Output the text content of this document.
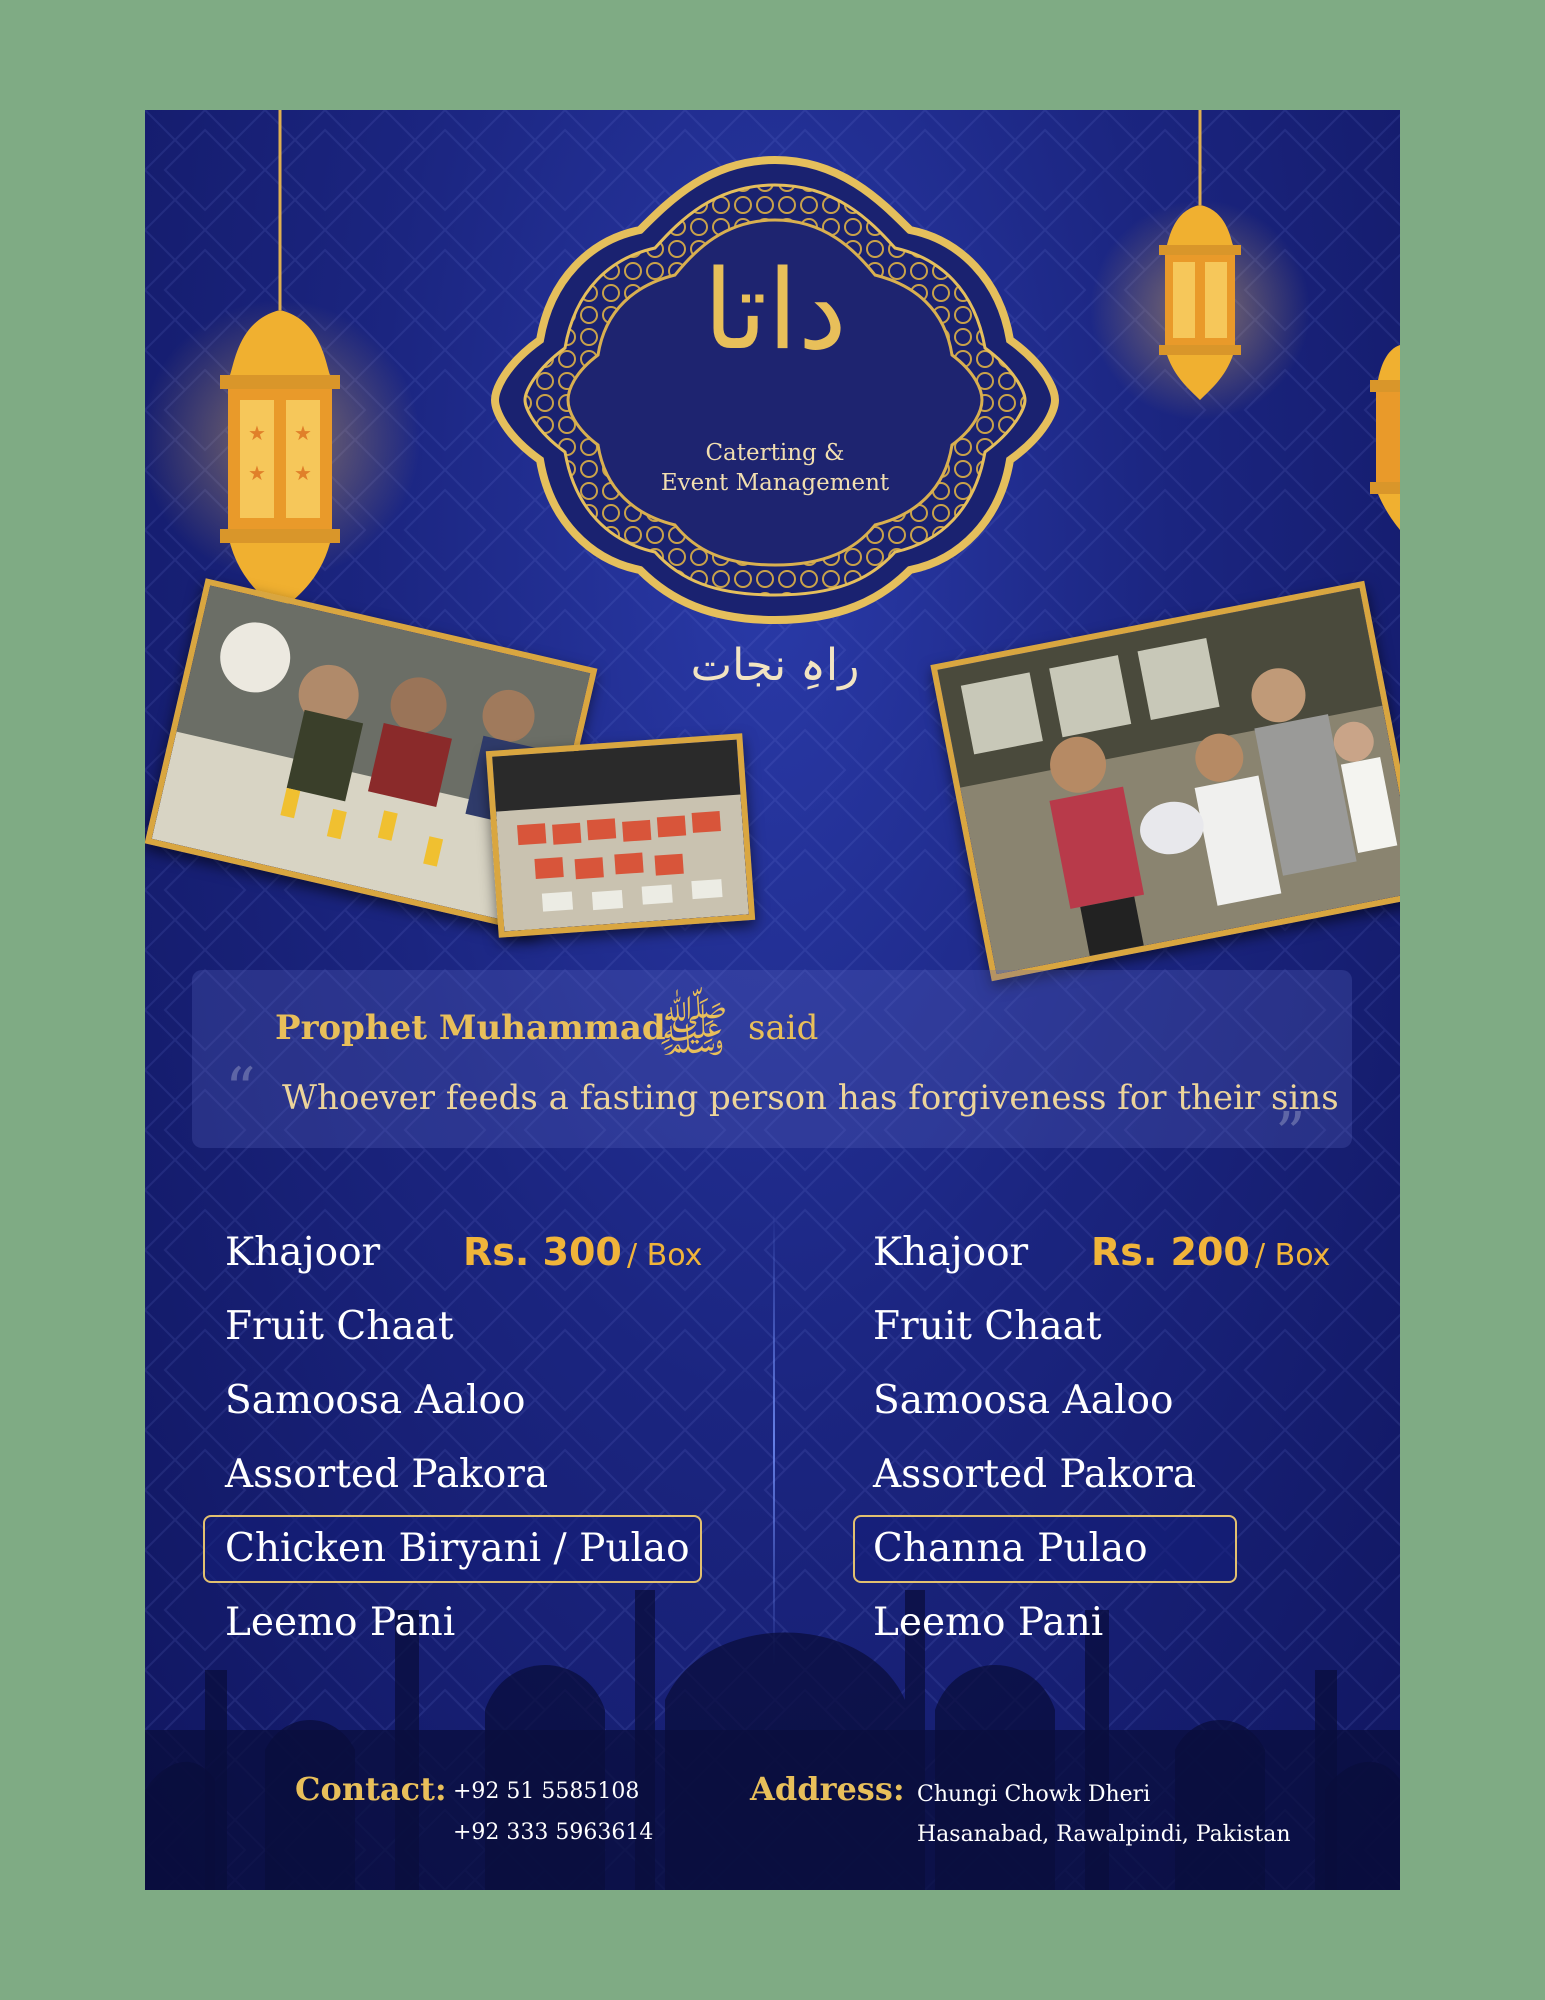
★
★
★
★
داتا
Caterting &
Event Management
راہِ نجات
Prophet Muhammad
ﷺ said
“ Whoever feeds a fasting person has forgiveness for their sins
”
Khajoor Rs. 300 / Box
Fruit Chaat
Samoosa Aaloo
Assorted Pakora
Chicken Biryani / Pulao
Leemo Pani
Khajoor Rs. 200 / Box
Fruit Chaat
Samoosa Aaloo
Assorted Pakora
Channa Pulao
Leemo Pani
Contact: +92 51 5585108
+92 333 5963614
Address: Chungi Chowk Dheri
Hasanabad, Rawalpindi, Pakistan
